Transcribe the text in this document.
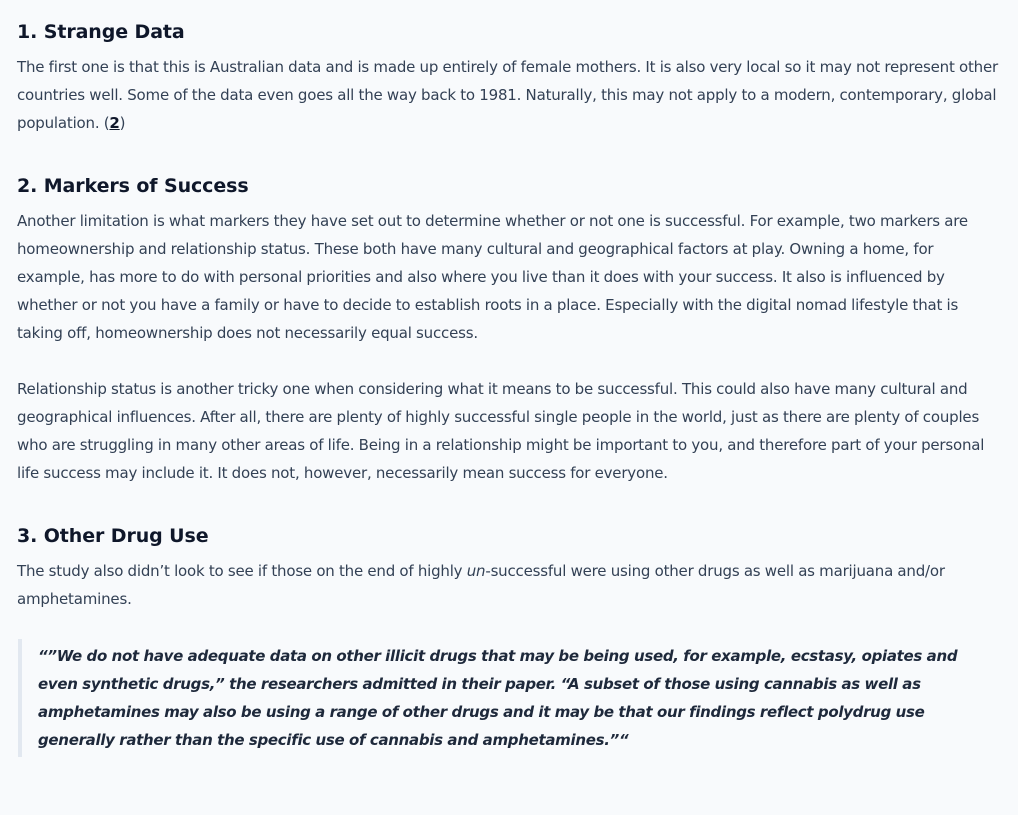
1. Strange Data

The first one is that this is Australian data and is made up entirely of female mothers. It is also very local so it may not represent other countries well. Some of the data even goes all the way back to 1981. Naturally, this may not apply to a modern, contemporary, global population. (2)

2. Markers of Success

Another limitation is what markers they have set out to determine whether or not one is successful. For example, two markers are homeownership and relationship status. These both have many cultural and geographical factors at play. Owning a home, for example, has more to do with personal priorities and also where you live than it does with your success. It also is influenced by whether or not you have a family or have to decide to establish roots in a place. Especially with the digital nomad lifestyle that is taking off, homeownership does not necessarily equal success.

Relationship status is another tricky one when considering what it means to be successful. This could also have many cultural and geographical influences. After all, there are plenty of highly successful single people in the world, just as there are plenty of couples who are struggling in many other areas of life. Being in a relationship might be important to you, and therefore part of your personal life success may include it. It does not, however, necessarily mean success for everyone.

3. Other Drug Use

The study also didn’t look to see if those on the end of highly un-successful were using other drugs as well as marijuana and/or amphetamines.

“”We do not have adequate data on other illicit drugs that may be being used, for example, ecstasy, opiates and even synthetic drugs,” the researchers admitted in their paper. “A subset of those using cannabis as well as amphetamines may also be using a range of other drugs and it may be that our findings reflect polydrug use generally rather than the specific use of cannabis and amphetamines.”“
